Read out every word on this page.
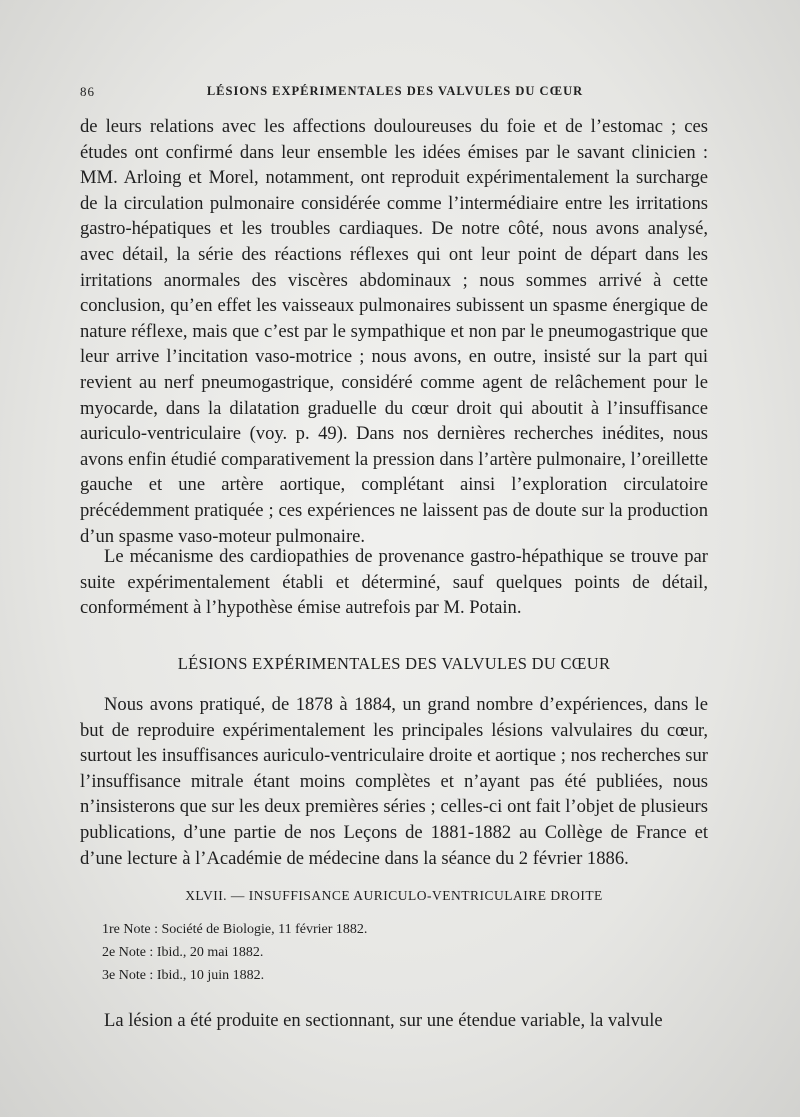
86	LÉSIONS EXPÉRIMENTALES DES VALVULES DU CŒUR

de leurs relations avec les affections douloureuses du foie et de l’estomac ; ces études ont confirmé dans leur ensemble les idées émises par le savant clinicien : MM. Arloing et Morel, notamment, ont reproduit expérimentalement la surcharge de la circulation pulmonaire considérée comme l’intermédiaire entre les irritations gastro-hépatiques et les troubles cardiaques. De notre côté, nous avons analysé, avec détail, la série des réactions réflexes qui ont leur point de départ dans les irritations anormales des viscères abdominaux ; nous sommes arrivé à cette conclusion, qu’en effet les vaisseaux pulmonaires subissent un spasme énergique de nature réflexe, mais que c’est par le sympathique et non par le pneumogastrique que leur arrive l’incitation vaso-motrice ; nous avons, en outre, insisté sur la part qui revient au nerf pneumogastrique, considéré comme agent de relâchement pour le myocarde, dans la dilatation graduelle du cœur droit qui aboutit à l’insuffisance auriculo-ventriculaire (voy. p. 49). Dans nos dernières recherches inédites, nous avons enfin étudié comparativement la pression dans l’artère pulmonaire, l’oreillette gauche et une artère aortique, complétant ainsi l’exploration circulatoire précédemment pratiquée ; ces expériences ne laissent pas de doute sur la production d’un spasme vaso-moteur pulmonaire.

Le mécanisme des cardiopathies de provenance gastro-hépathique se trouve par suite expérimentalement établi et déterminé, sauf quelques points de détail, conformément à l’hypothèse émise autrefois par M. Potain.

LÉSIONS EXPÉRIMENTALES DES VALVULES DU CŒUR

Nous avons pratiqué, de 1878 à 1884, un grand nombre d’expériences, dans le but de reproduire expérimentalement les principales lésions valvulaires du cœur, surtout les insuffisances auriculo-ventriculaire droite et aortique ; nos recherches sur l’insuffisance mitrale étant moins complètes et n’ayant pas été publiées, nous n’insisterons que sur les deux premières séries ; celles-ci ont fait l’objet de plusieurs publications, d’une partie de nos Leçons de 1881-1882 au Collège de France et d’une lecture à l’Académie de médecine dans la séance du 2 février 1886.

XLVII. — INSUFFISANCE AURICULO-VENTRICULAIRE DROITE

1re Note : Société de Biologie, 11 février 1882.

2e Note : Ibid., 20 mai 1882.

3e Note : Ibid., 10 juin 1882.

La lésion a été produite en sectionnant, sur une étendue variable, la valvule
